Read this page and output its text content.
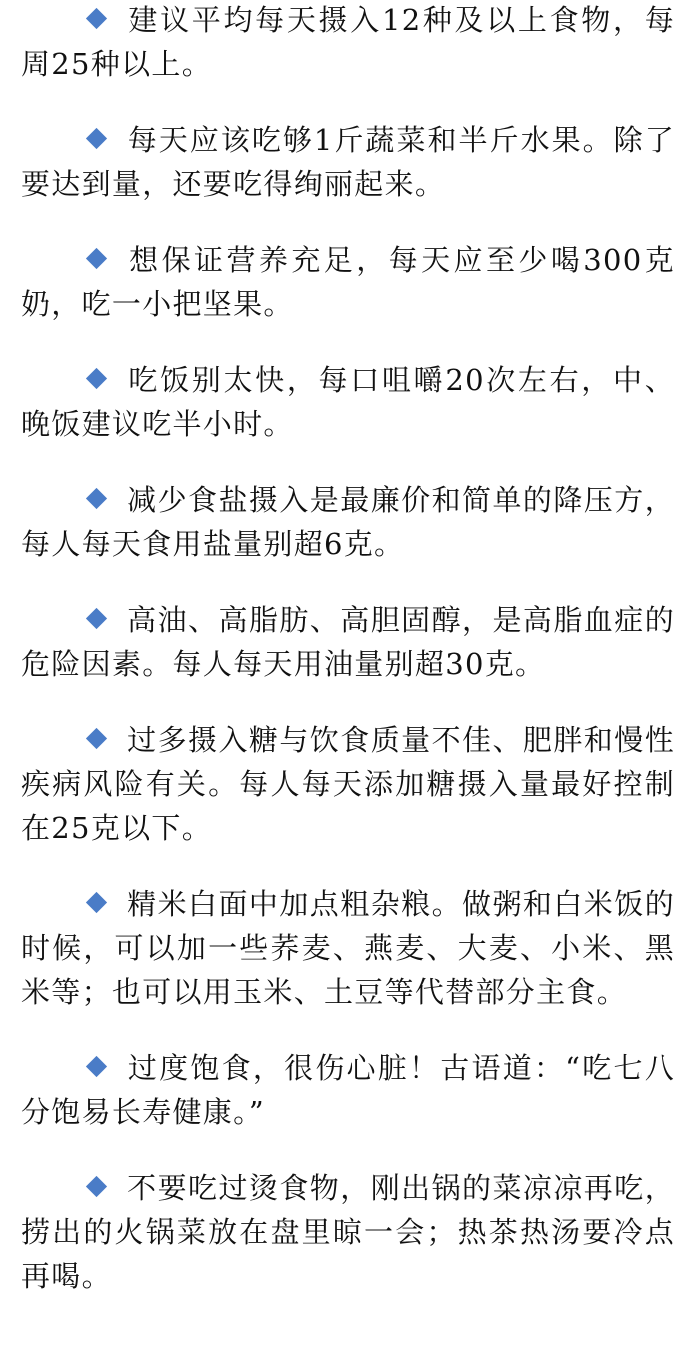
建议平均每天摄入12种及以上食物，每周25种以上。

每天应该吃够1斤蔬菜和半斤水果。除了要达到量，还要吃得绚丽起来。

想保证营养充足，每天应至少喝300克奶，吃一小把坚果。

吃饭别太快，每口咀嚼20次左右，中、晚饭建议吃半小时。

减少食盐摄入是最廉价和简单的降压方，每人每天食用盐量别超6克。

高油、高脂肪、高胆固醇，是高脂血症的危险因素。每人每天用油量别超30克。

过多摄入糖与饮食质量不佳、肥胖和慢性疾病风险有关。每人每天添加糖摄入量最好控制在25克以下。

精米白面中加点粗杂粮。做粥和白米饭的时候，可以加一些荞麦、燕麦、大麦、小米、黑米等；也可以用玉米、土豆等代替部分主食。

过度饱食，很伤心脏！古语道：“吃七八分饱易长寿健康。”

不要吃过烫食物，刚出锅的菜凉凉再吃，捞出的火锅菜放在盘里晾一会；热茶热汤要冷点再喝。
